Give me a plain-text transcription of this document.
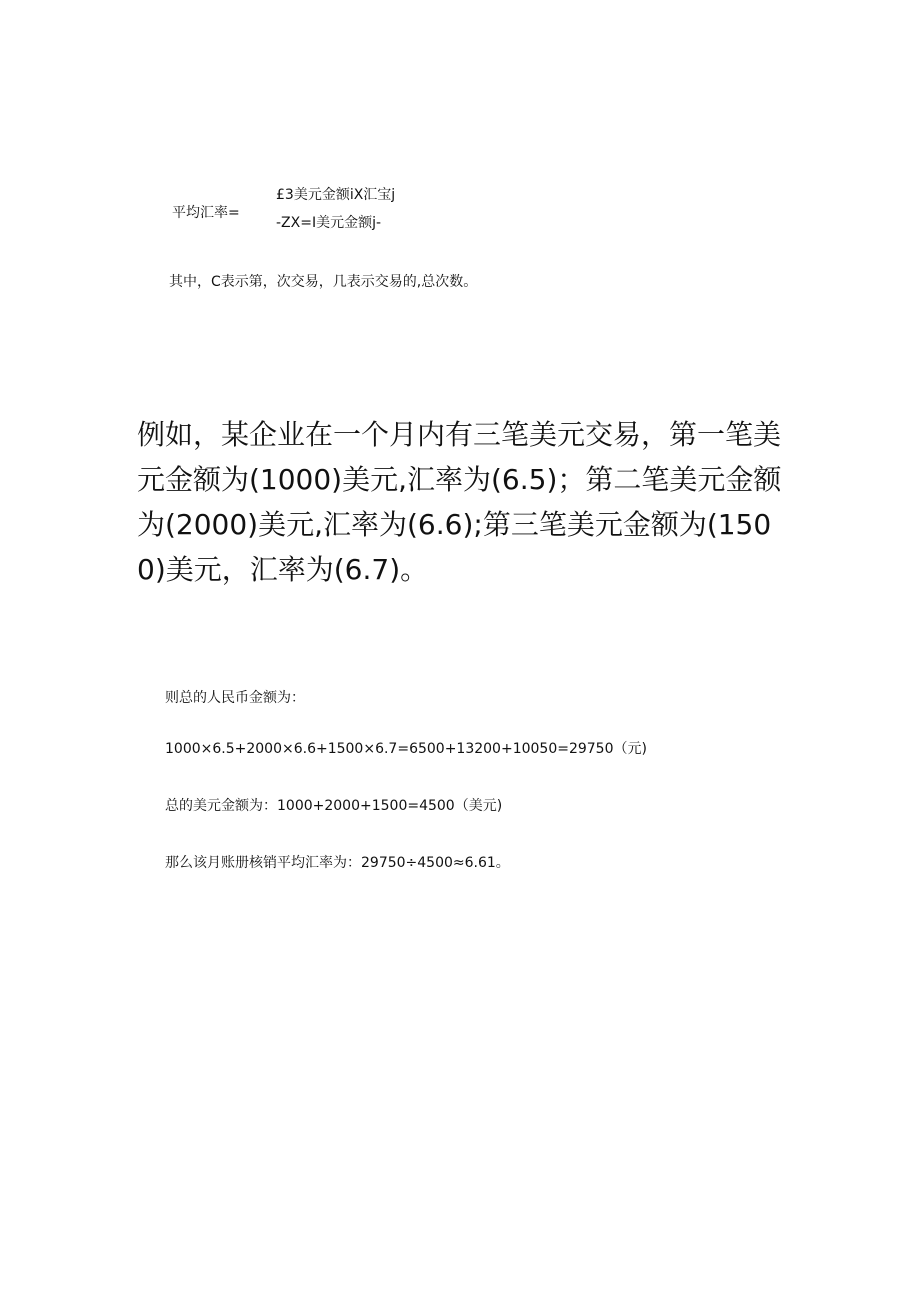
平均汇率=
£3美元金额iX汇宝j
-ZX=I美元金额j-
其中，C表示第，次交易，几表示交易的,总次数。

例如，某企业在一个月内有三笔美元交易，第一笔美元金额为(1000)美元,汇率为(6.5)；第二笔美元金额为(2000)美元,汇率为(6.6);第三笔美元金额为(1500)美元，汇率为(6.7)。

则总的人民币金额为：
1000×6.5+2000×6.6+1500×6.7=6500+13200+10050=29750（元)
总的美元金额为：1000+2000+1500=4500（美元)
那么该月账册核销平均汇率为：29750÷4500≈6.61。
